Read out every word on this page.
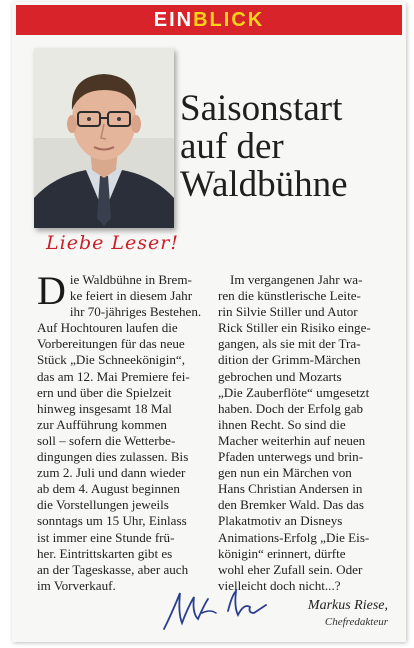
EINBLICK
Saisonstart
auf der
Waldbühne
Liebe Leser!
D ie Waldbühne in Brem-
ke feiert in diesem Jahr
ihr 70-jähriges Bestehen.
Auf Hochtouren laufen die
Vorbereitungen für das neue
Stück „Die Schneekönigin“,
das am 12. Mai Premiere fei-
ern und über die Spielzeit
hinweg insgesamt 18 Mal
zur Aufführung kommen
soll – sofern die Wetterbe-
dingungen dies zulassen. Bis
zum 2. Juli und dann wieder
ab dem 4. August beginnen
die Vorstellungen jeweils
sonntags um 15 Uhr, Einlass
ist immer eine Stunde frü-
her. Eintrittskarten gibt es
an der Tageskasse, aber auch
im Vorverkauf.
Im vergangenen Jahr wa-
ren die künstlerische Leite-
rin Silvie Stiller und Autor
Rick Stiller ein Risiko einge-
gangen, als sie mit der Tra-
dition der Grimm-Märchen
gebrochen und Mozarts
„Die Zauberflöte“ umgesetzt
haben. Doch der Erfolg gab
ihnen Recht. So sind die
Macher weiterhin auf neuen
Pfaden unterwegs und brin-
gen nun ein Märchen von
Hans Christian Andersen in
den Bremker Wald. Das das
Plakatmotiv an Disneys
Animations-Erfolg „Die Eis-
königin“ erinnert, dürfte
wohl eher Zufall sein. Oder
vielleicht doch nicht...?
Markus Riese,
Chefredakteur
